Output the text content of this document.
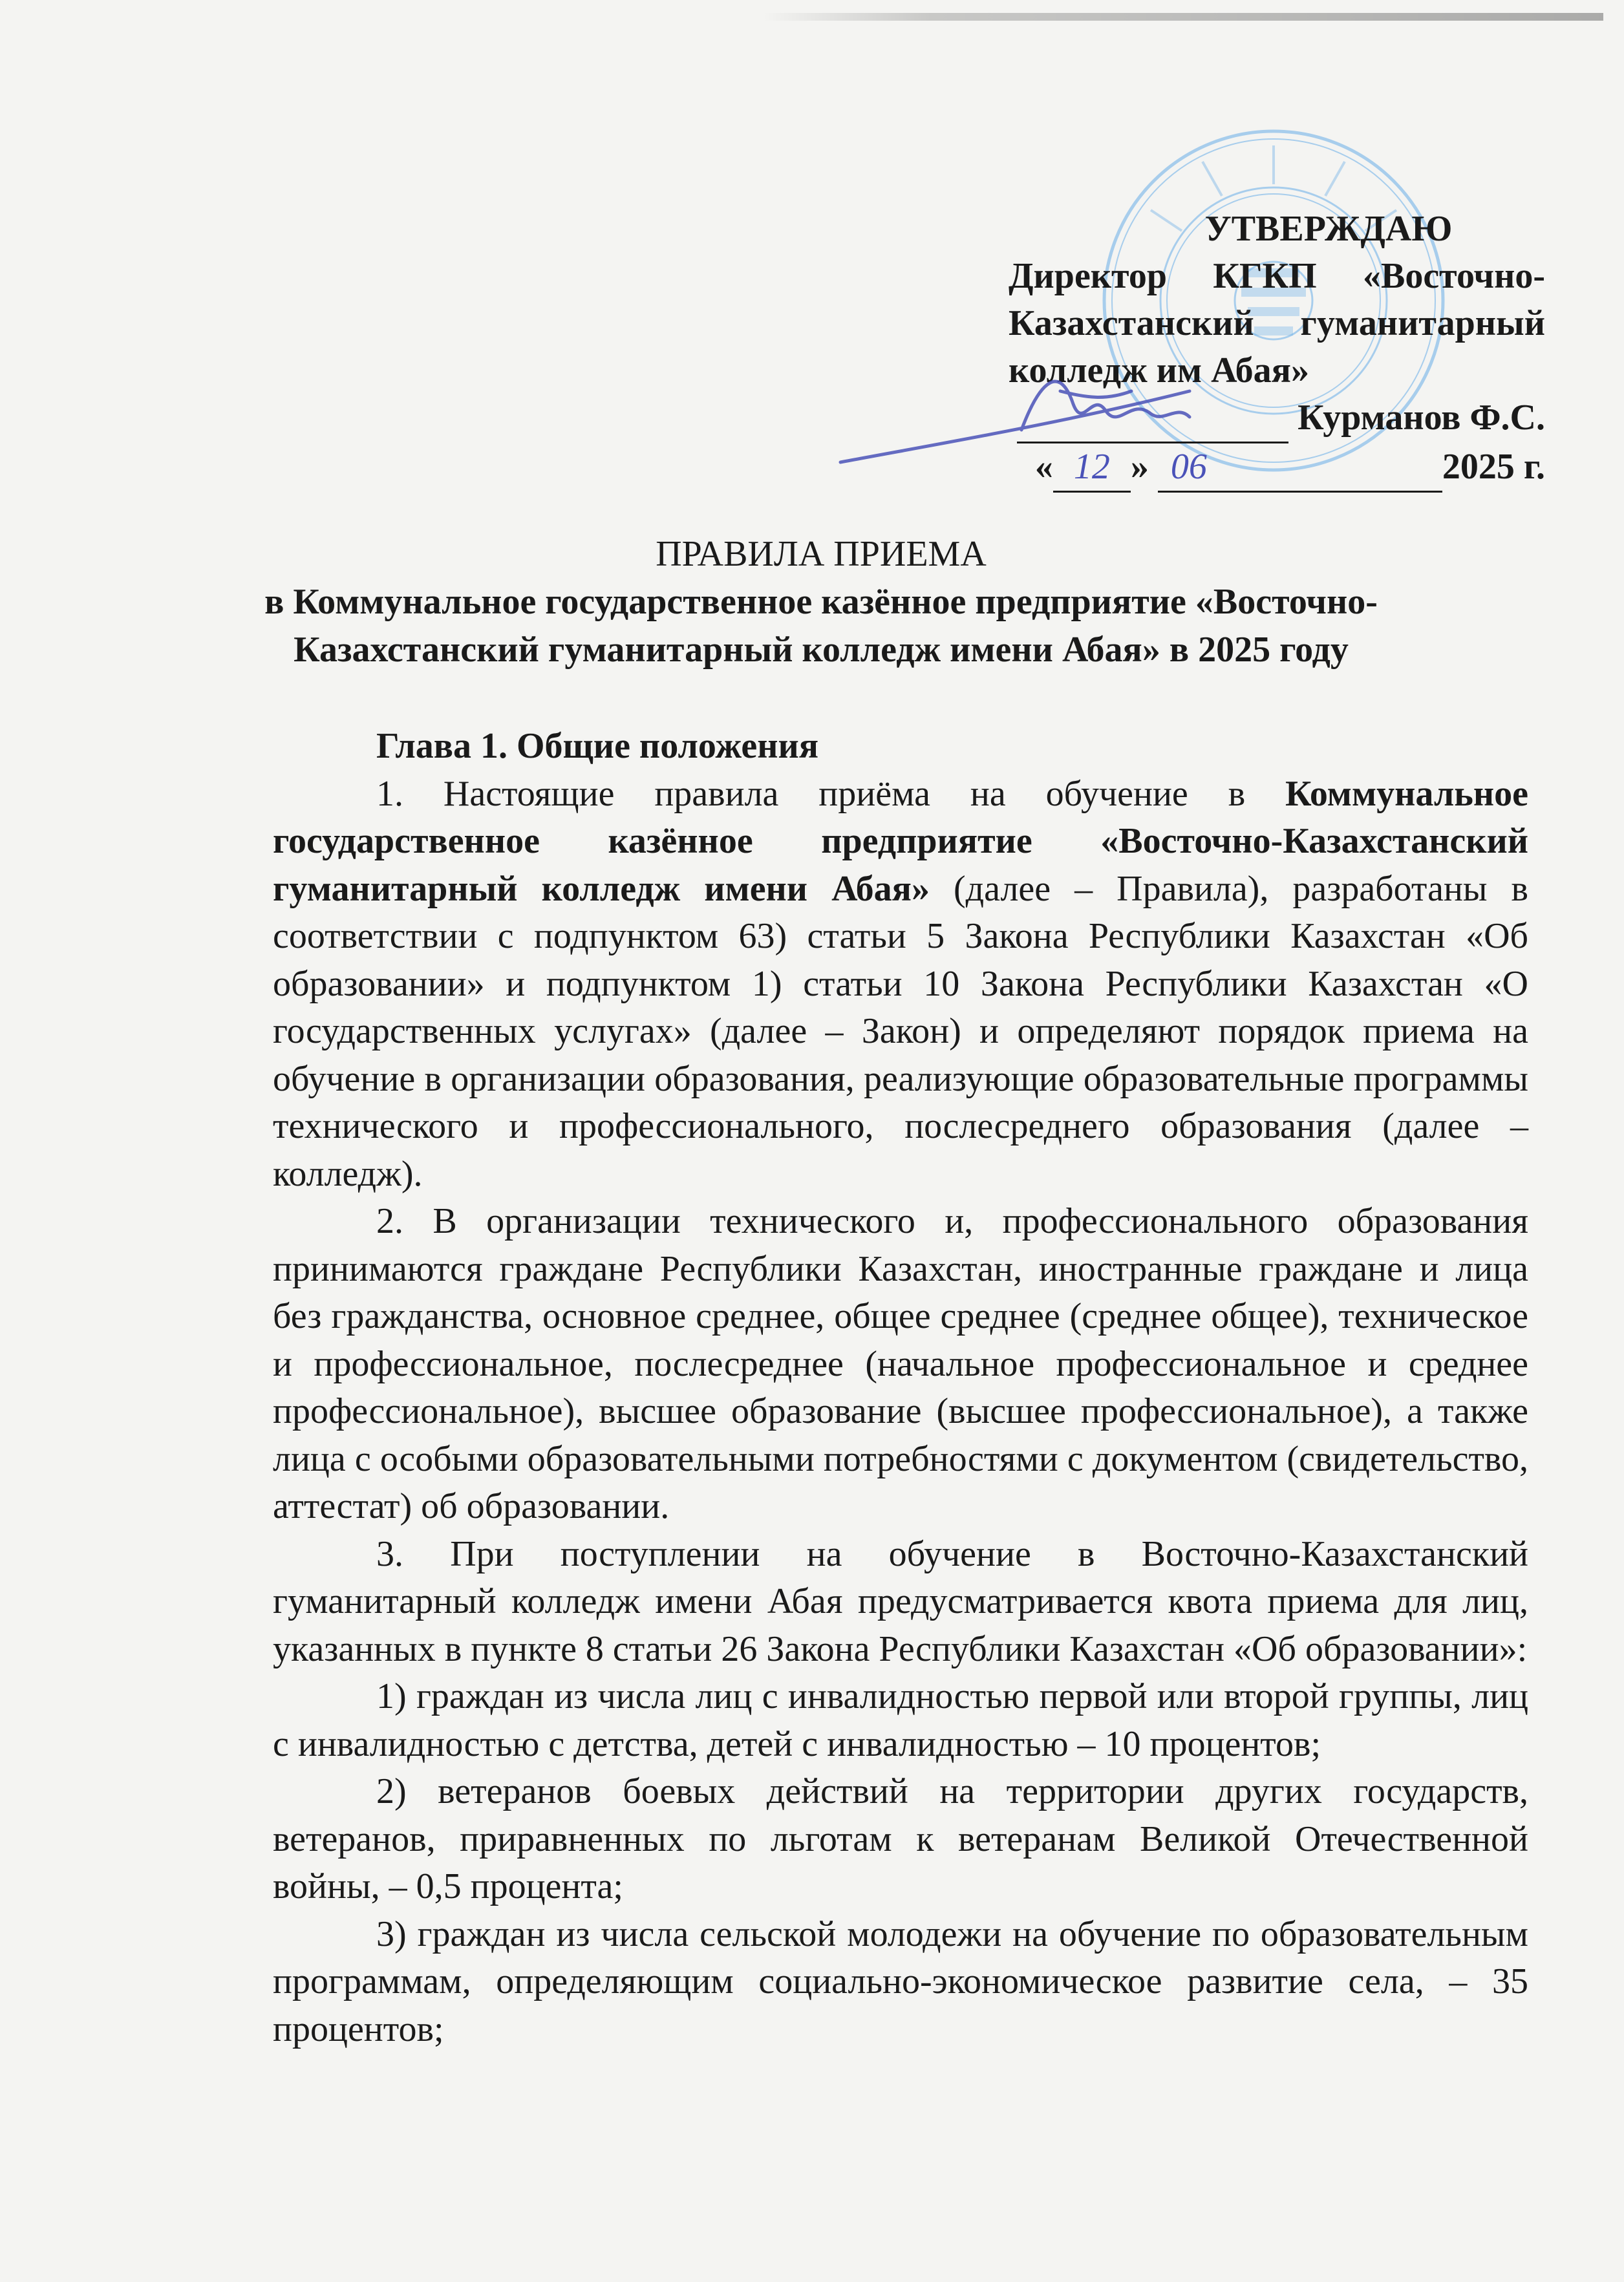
УТВЕРЖДАЮ
Директор КГКП «Восточно-
Казахстанский гуманитарный
колледж им Абая»
Курманов Ф.С.
« 12 » 06	2025 г.
ПРАВИЛА ПРИЕМА
в Коммунальное государственное казённое предприятие «Восточно-Казахстанский гуманитарный колледж имени Абая» в 2025 году

Глава 1. Общие положения

1. Настоящие правила приёма на обучение в Коммунальное государственное казённое предприятие «Восточно-Казахстанский гуманитарный колледж имени Абая» (далее – Правила), разработаны в соответствии с подпунктом 63) статьи 5 Закона Республики Казахстан «Об образовании» и подпунктом 1) статьи 10 Закона Республики Казахстан «О государственных услугах» (далее – Закон) и определяют порядок приема на обучение в организации образования, реализующие образовательные программы технического и профессионального, послесреднего образования (далее – колледж).

2. В организации технического и, профессионального образования принимаются граждане Республики Казахстан, иностранные граждане и лица без гражданства, основное среднее, общее среднее (среднее общее), техническое и профессиональное, послесреднее (начальное профессиональное и среднее профессиональное), высшее образование (высшее профессиональное), а также лица с особыми образовательными потребностями с документом (свидетельство, аттестат) об образовании.

3. При поступлении на обучение в Восточно-Казахстанский гуманитарный колледж имени Абая предусматривается квота приема для лиц, указанных в пункте 8 статьи 26 Закона Республики Казахстан «Об образовании»:

1) граждан из числа лиц с инвалидностью первой или второй группы, лиц с инвалидностью с детства, детей с инвалидностью – 10 процентов;

2) ветеранов боевых действий на территории других государств, ветеранов, приравненных по льготам к ветеранам Великой Отечественной войны, – 0,5 процента;

3) граждан из числа сельской молодежи на обучение по образовательным программам, определяющим социально-экономическое развитие села, – 35 процентов;
